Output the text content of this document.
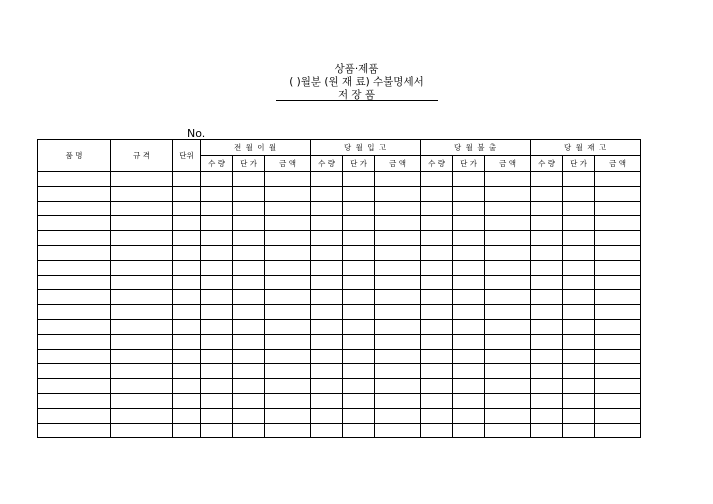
상품·제품
( )월분 (원 재 료) 수불명세서
저 장 품
No.
품 명	규 격	단위	전 월 이 월			당 월 입 고			당 월 불 출			당 월 재 고		
			수 량	단 가	금 액	수 량	단 가	금 액	수 량	단 가	금 액	수 량	단 가	금 액
